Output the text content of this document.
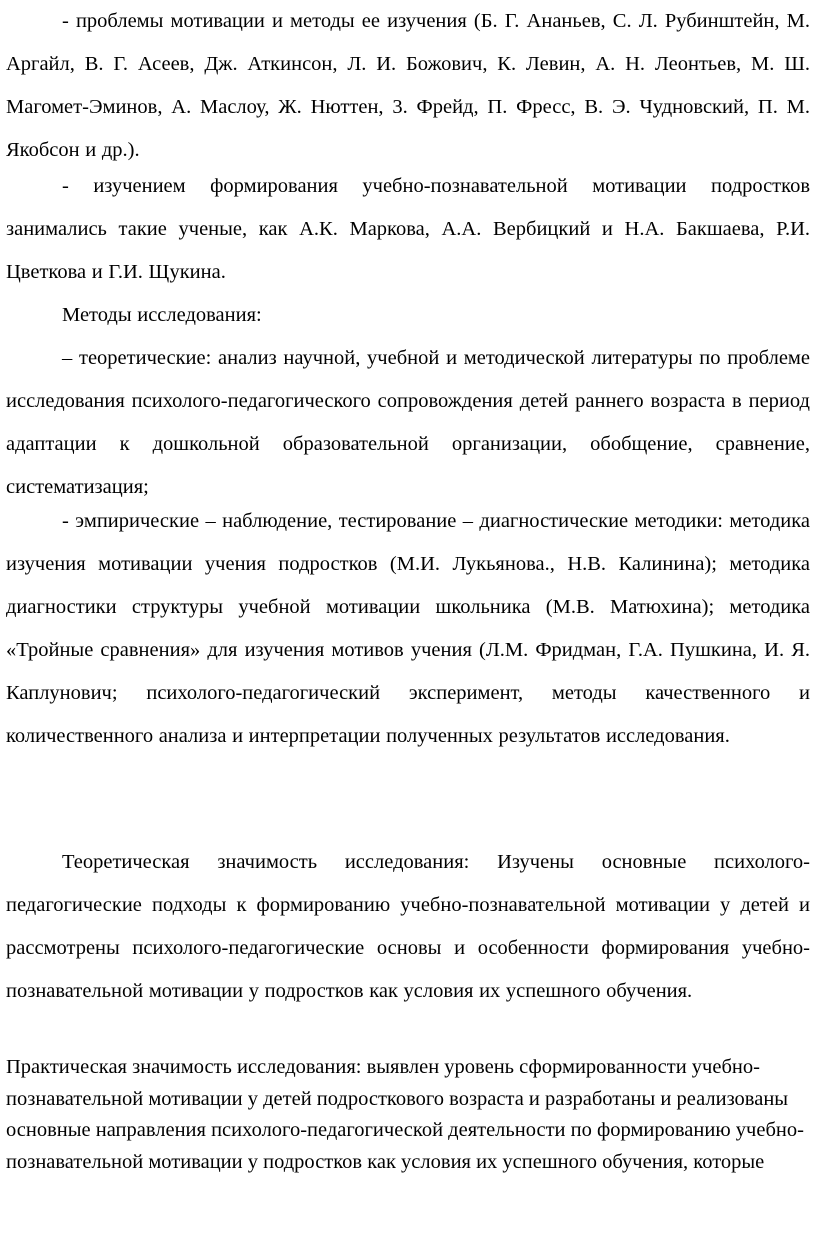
- проблемы мотивации и методы ее изучения (Б. Г. Ананьев, С. Л. Рубинштейн, М. Аргайл, В. Г. Асеев, Дж. Аткинсон, Л. И. Божович, К. Левин, А. Н. Леонтьев, М. Ш. Магомет-Эминов, А. Маслоу, Ж. Нюттен, 3. Фрейд, П. Фресс, В. Э. Чудновский, П. М. Якобсон и др.).

- изучением формирования учебно-познавательной мотивации подростков занимались такие ученые, как А.К. Маркова, А.А. Вербицкий и Н.А. Бакшаева, Р.И. Цветкова и Г.И. Щукина.

Методы исследования:

– теоретические: анализ научной, учебной и методической литературы по проблеме исследования психолого-педагогического сопровождения детей раннего возраста в период адаптации к дошкольной образовательной организации, обобщение, сравнение, систематизация;

- эмпирические – наблюдение, тестирование – диагностические методики: методика изучения мотивации учения подростков (М.И. Лукьянова., Н.В. Калинина); методика диагностики структуры учебной мотивации школьника (М.В. Матюхина); методика «Тройные сравнения» для изучения мотивов учения (Л.М. Фридман, Г.А. Пушкина, И. Я. Каплунович; психолого-педагогический эксперимент, методы качественного и количественного анализа и интерпретации полученных результатов исследования.

Теоретическая значимость исследования: Изучены основные психолого-педагогические подходы к формированию учебно-познавательной мотивации у детей и рассмотрены психолого-педагогические основы и особенности формирования учебно-познавательной мотивации у подростков как условия их успешного обучения.

Практическая значимость исследования: выявлен уровень сформированности учебно-познавательной мотивации у детей подросткового возраста и разработаны и реализованы основные направления психолого-педагогической деятельности по формированию учебно-познавательной мотивации у подростков как условия их успешного обучения, которые
